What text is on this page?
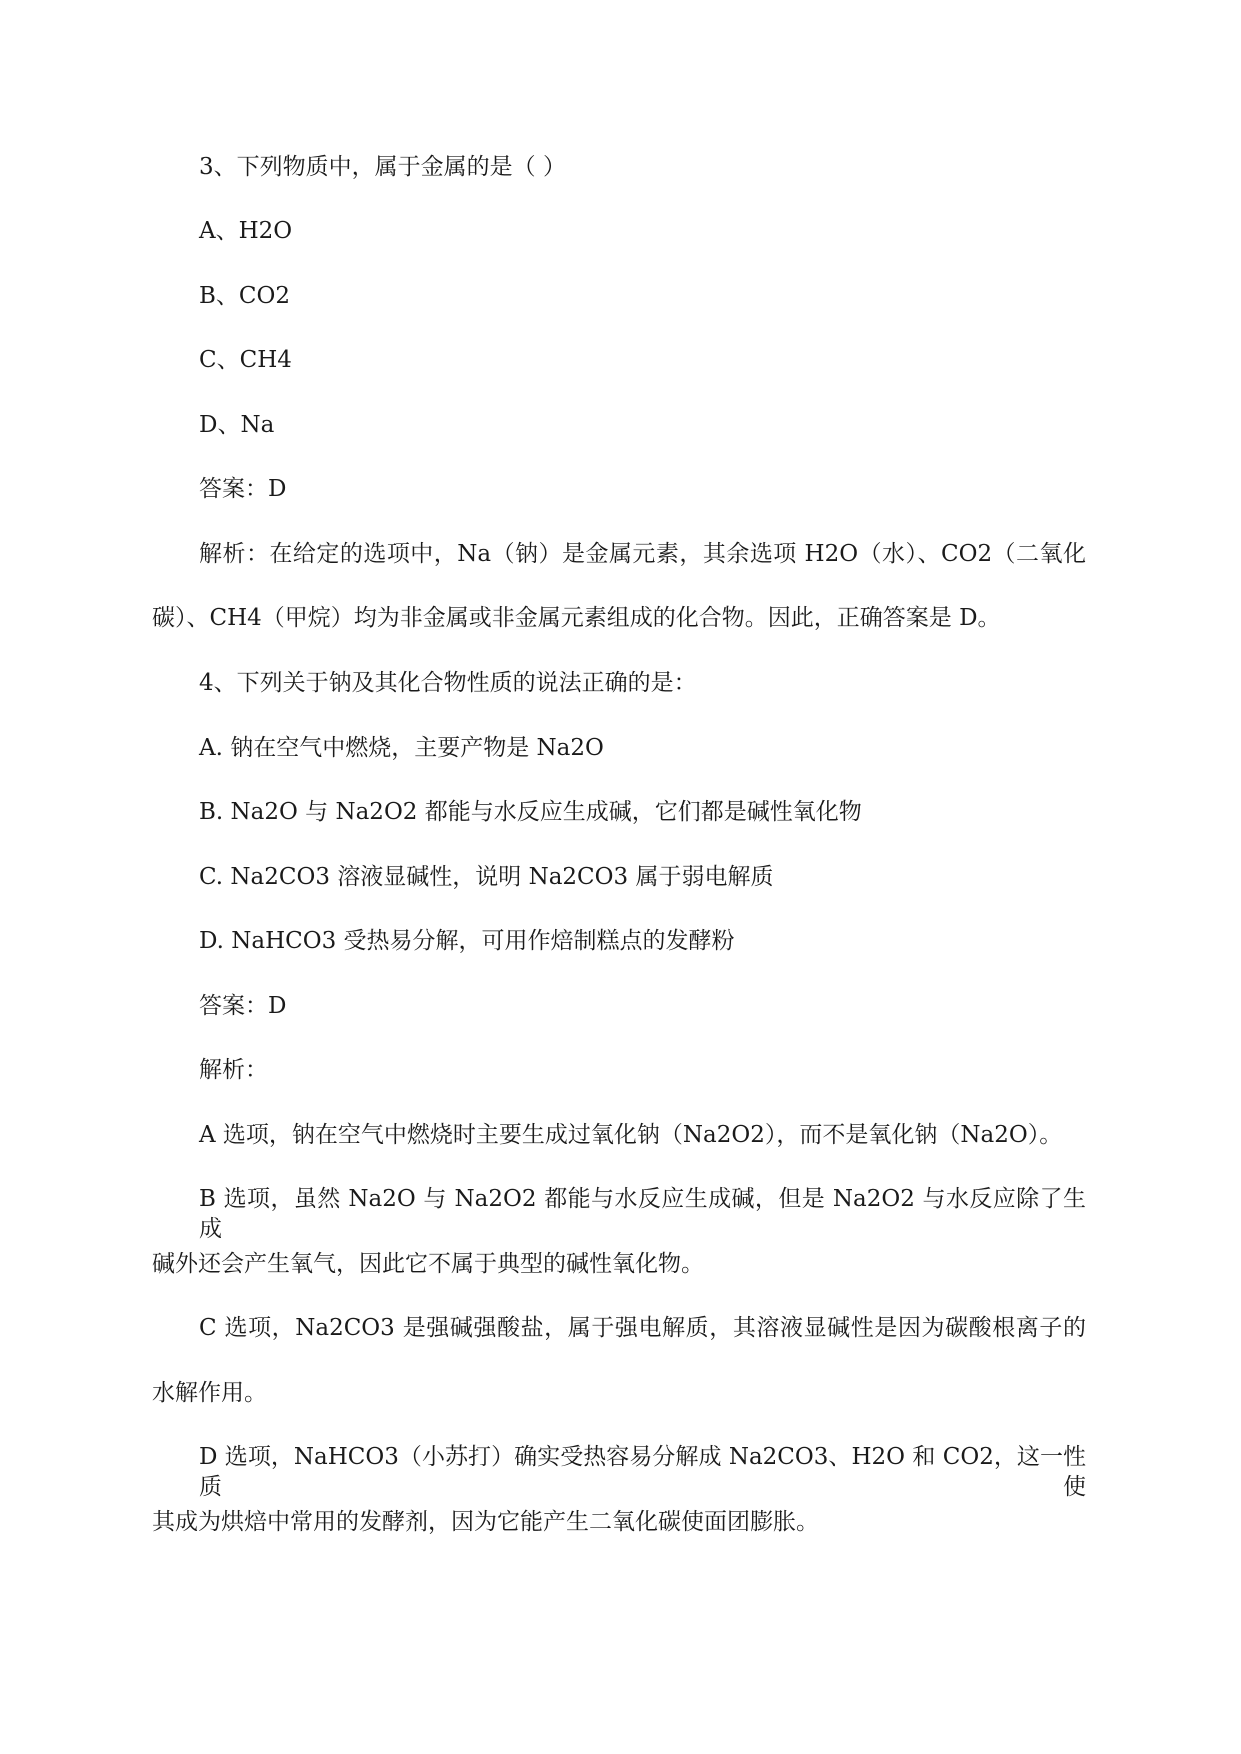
3、下列物质中，属于金属的是（ ）
A、H2O
B、CO2
C、CH4
D、Na
答案：D
解析：在给定的选项中，Na（钠）是金属元素，其余选项 H2O（水）、CO2（二氧化
碳）、CH4（甲烷）均为非金属或非金属元素组成的化合物。因此，正确答案是 D。
4、下列关于钠及其化合物性质的说法正确的是：
A. 钠在空气中燃烧，主要产物是 Na2O
B. Na2O 与 Na2O2 都能与水反应生成碱，它们都是碱性氧化物
C. Na2CO3 溶液显碱性，说明 Na2CO3 属于弱电解质
D. NaHCO3 受热易分解，可用作焙制糕点的发酵粉
答案：D
解析：
A 选项，钠在空气中燃烧时主要生成过氧化钠（Na2O2），而不是氧化钠（Na2O）。
B 选项，虽然 Na2O 与 Na2O2 都能与水反应生成碱，但是 Na2O2 与水反应除了生成
碱外还会产生氧气，因此它不属于典型的碱性氧化物。
C 选项，Na2CO3 是强碱强酸盐，属于强电解质，其溶液显碱性是因为碳酸根离子的
水解作用。
D 选项，NaHCO3（小苏打）确实受热容易分解成 Na2CO3、H2O 和 CO2，这一性质使
其成为烘焙中常用的发酵剂，因为它能产生二氧化碳使面团膨胀。
